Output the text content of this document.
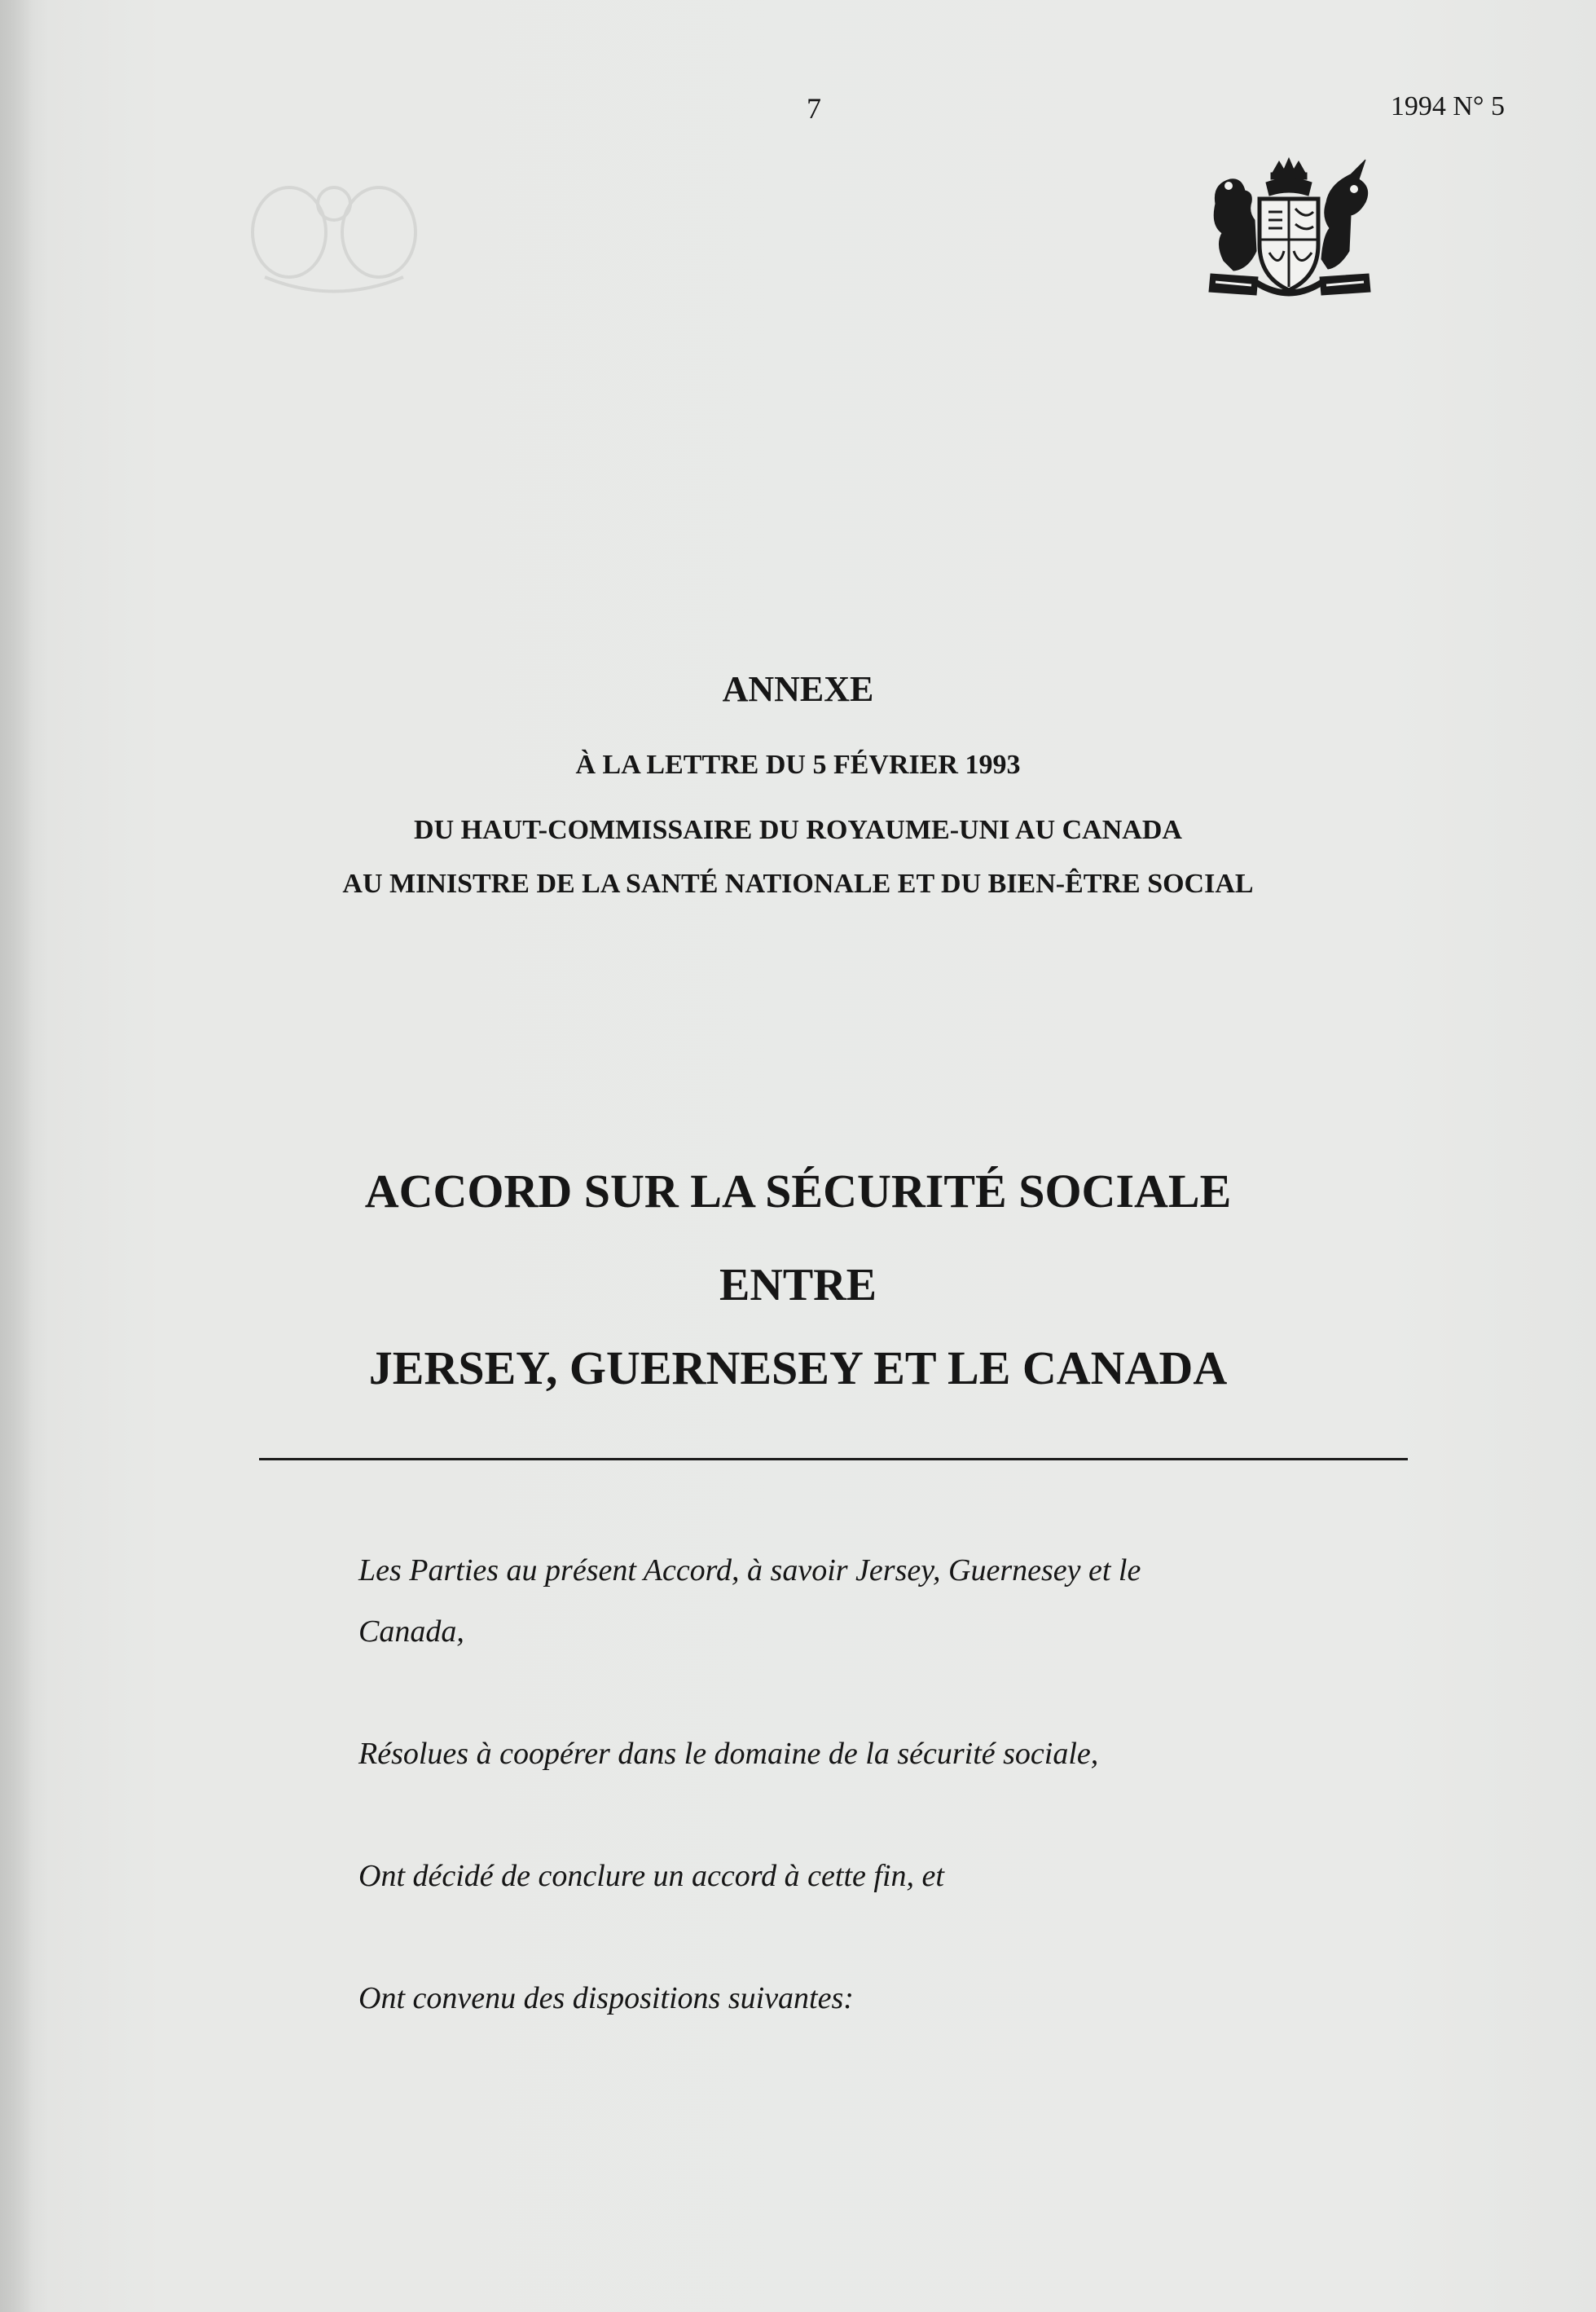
7	1994 N° 5
ANNEXE
À LA LETTRE DU 5 FÉVRIER 1993
DU HAUT-COMMISSAIRE DU ROYAUME-UNI AU CANADA
AU MINISTRE DE LA SANTÉ NATIONALE ET DU BIEN-ÊTRE SOCIAL
ACCORD SUR LA SÉCURITÉ SOCIALE
ENTRE
JERSEY, GUERNESEY ET LE CANADA
Les Parties au présent Accord, à savoir Jersey, Guernesey et le
Canada,
Résolues à coopérer dans le domaine de la sécurité sociale,
Ont décidé de conclure un accord à cette fin, et
Ont convenu des dispositions suivantes:
